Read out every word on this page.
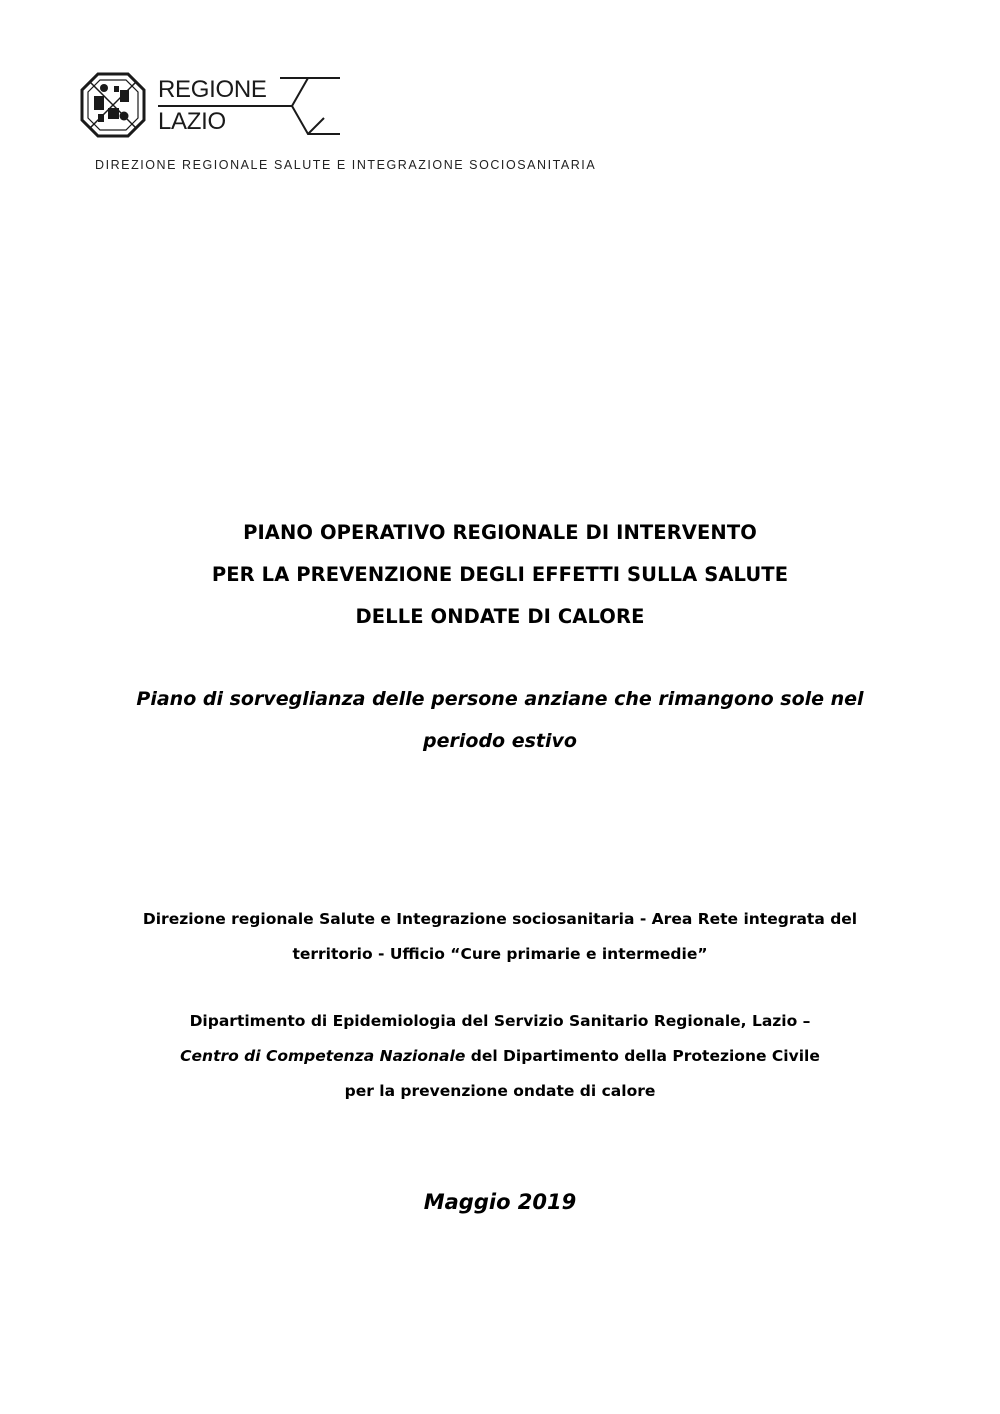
REGIONE
LAZIO
DIREZIONE REGIONALE SALUTE E INTEGRAZIONE SOCIOSANITARIA
PIANO OPERATIVO REGIONALE DI INTERVENTO
PER LA PREVENZIONE DEGLI EFFETTI SULLA SALUTE
DELLE ONDATE DI CALORE
Piano di sorveglianza delle persone anziane che rimangono sole nel
periodo estivo
Direzione regionale Salute e Integrazione sociosanitaria - Area Rete integrata del
territorio - Ufficio “Cure primarie e intermedie”
Dipartimento di Epidemiologia del Servizio Sanitario Regionale, Lazio –
Centro di Competenza Nazionale del Dipartimento della Protezione Civile
per la prevenzione ondate di calore
Maggio 2019
